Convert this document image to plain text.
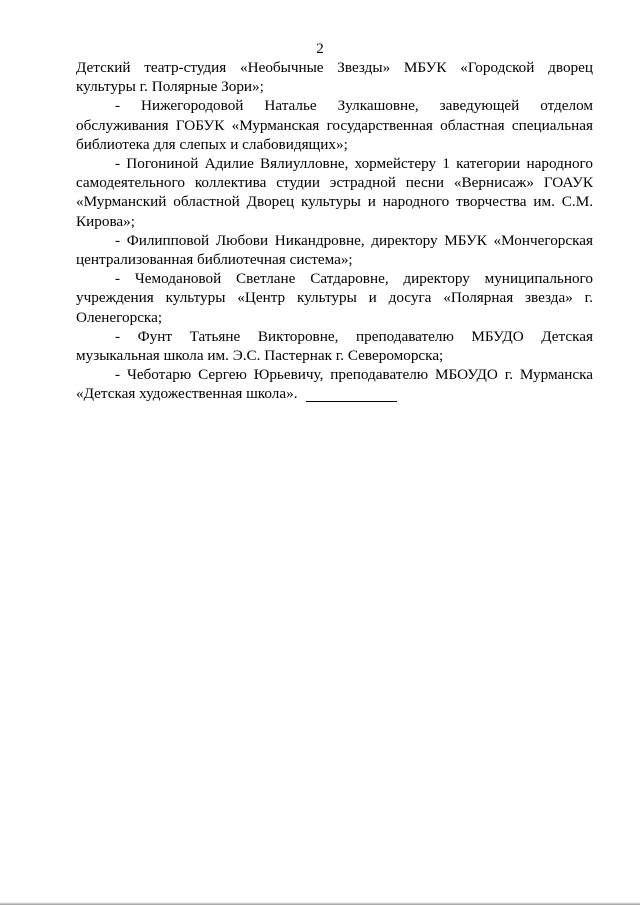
2

Детский театр-студия «Необычные Звезды» МБУК «Городской дворец культуры г. Полярные Зори»;

- Нижегородовой Наталье Зулкашовне, заведующей отделом обслуживания ГОБУК «Мурманская государственная областная специальная библиотека для слепых и слабовидящих»;

- Погониной Адилие Вялиулловне, хормейстеру 1 категории народного самодеятельного коллектива студии эстрадной песни «Вернисаж» ГОАУК «Мурманский областной Дворец культуры и народного творчества им. С.М. Кирова»;

- Филипповой Любови Никандровне, директору МБУК «Мончегорская централизованная библиотечная система»;

- Чемодановой Светлане Сатдаровне, директору муниципального учреждения культуры «Центр культуры и досуга «Полярная звезда» г. Оленегорска;

- Фунт Татьяне Викторовне, преподавателю МБУДО Детская музыкальная школа им. Э.С. Пастернак г. Североморска;

- Чеботарю Сергею Юрьевичу, преподавателю МБОУДО г. Мурманска «Детская художественная школа».
